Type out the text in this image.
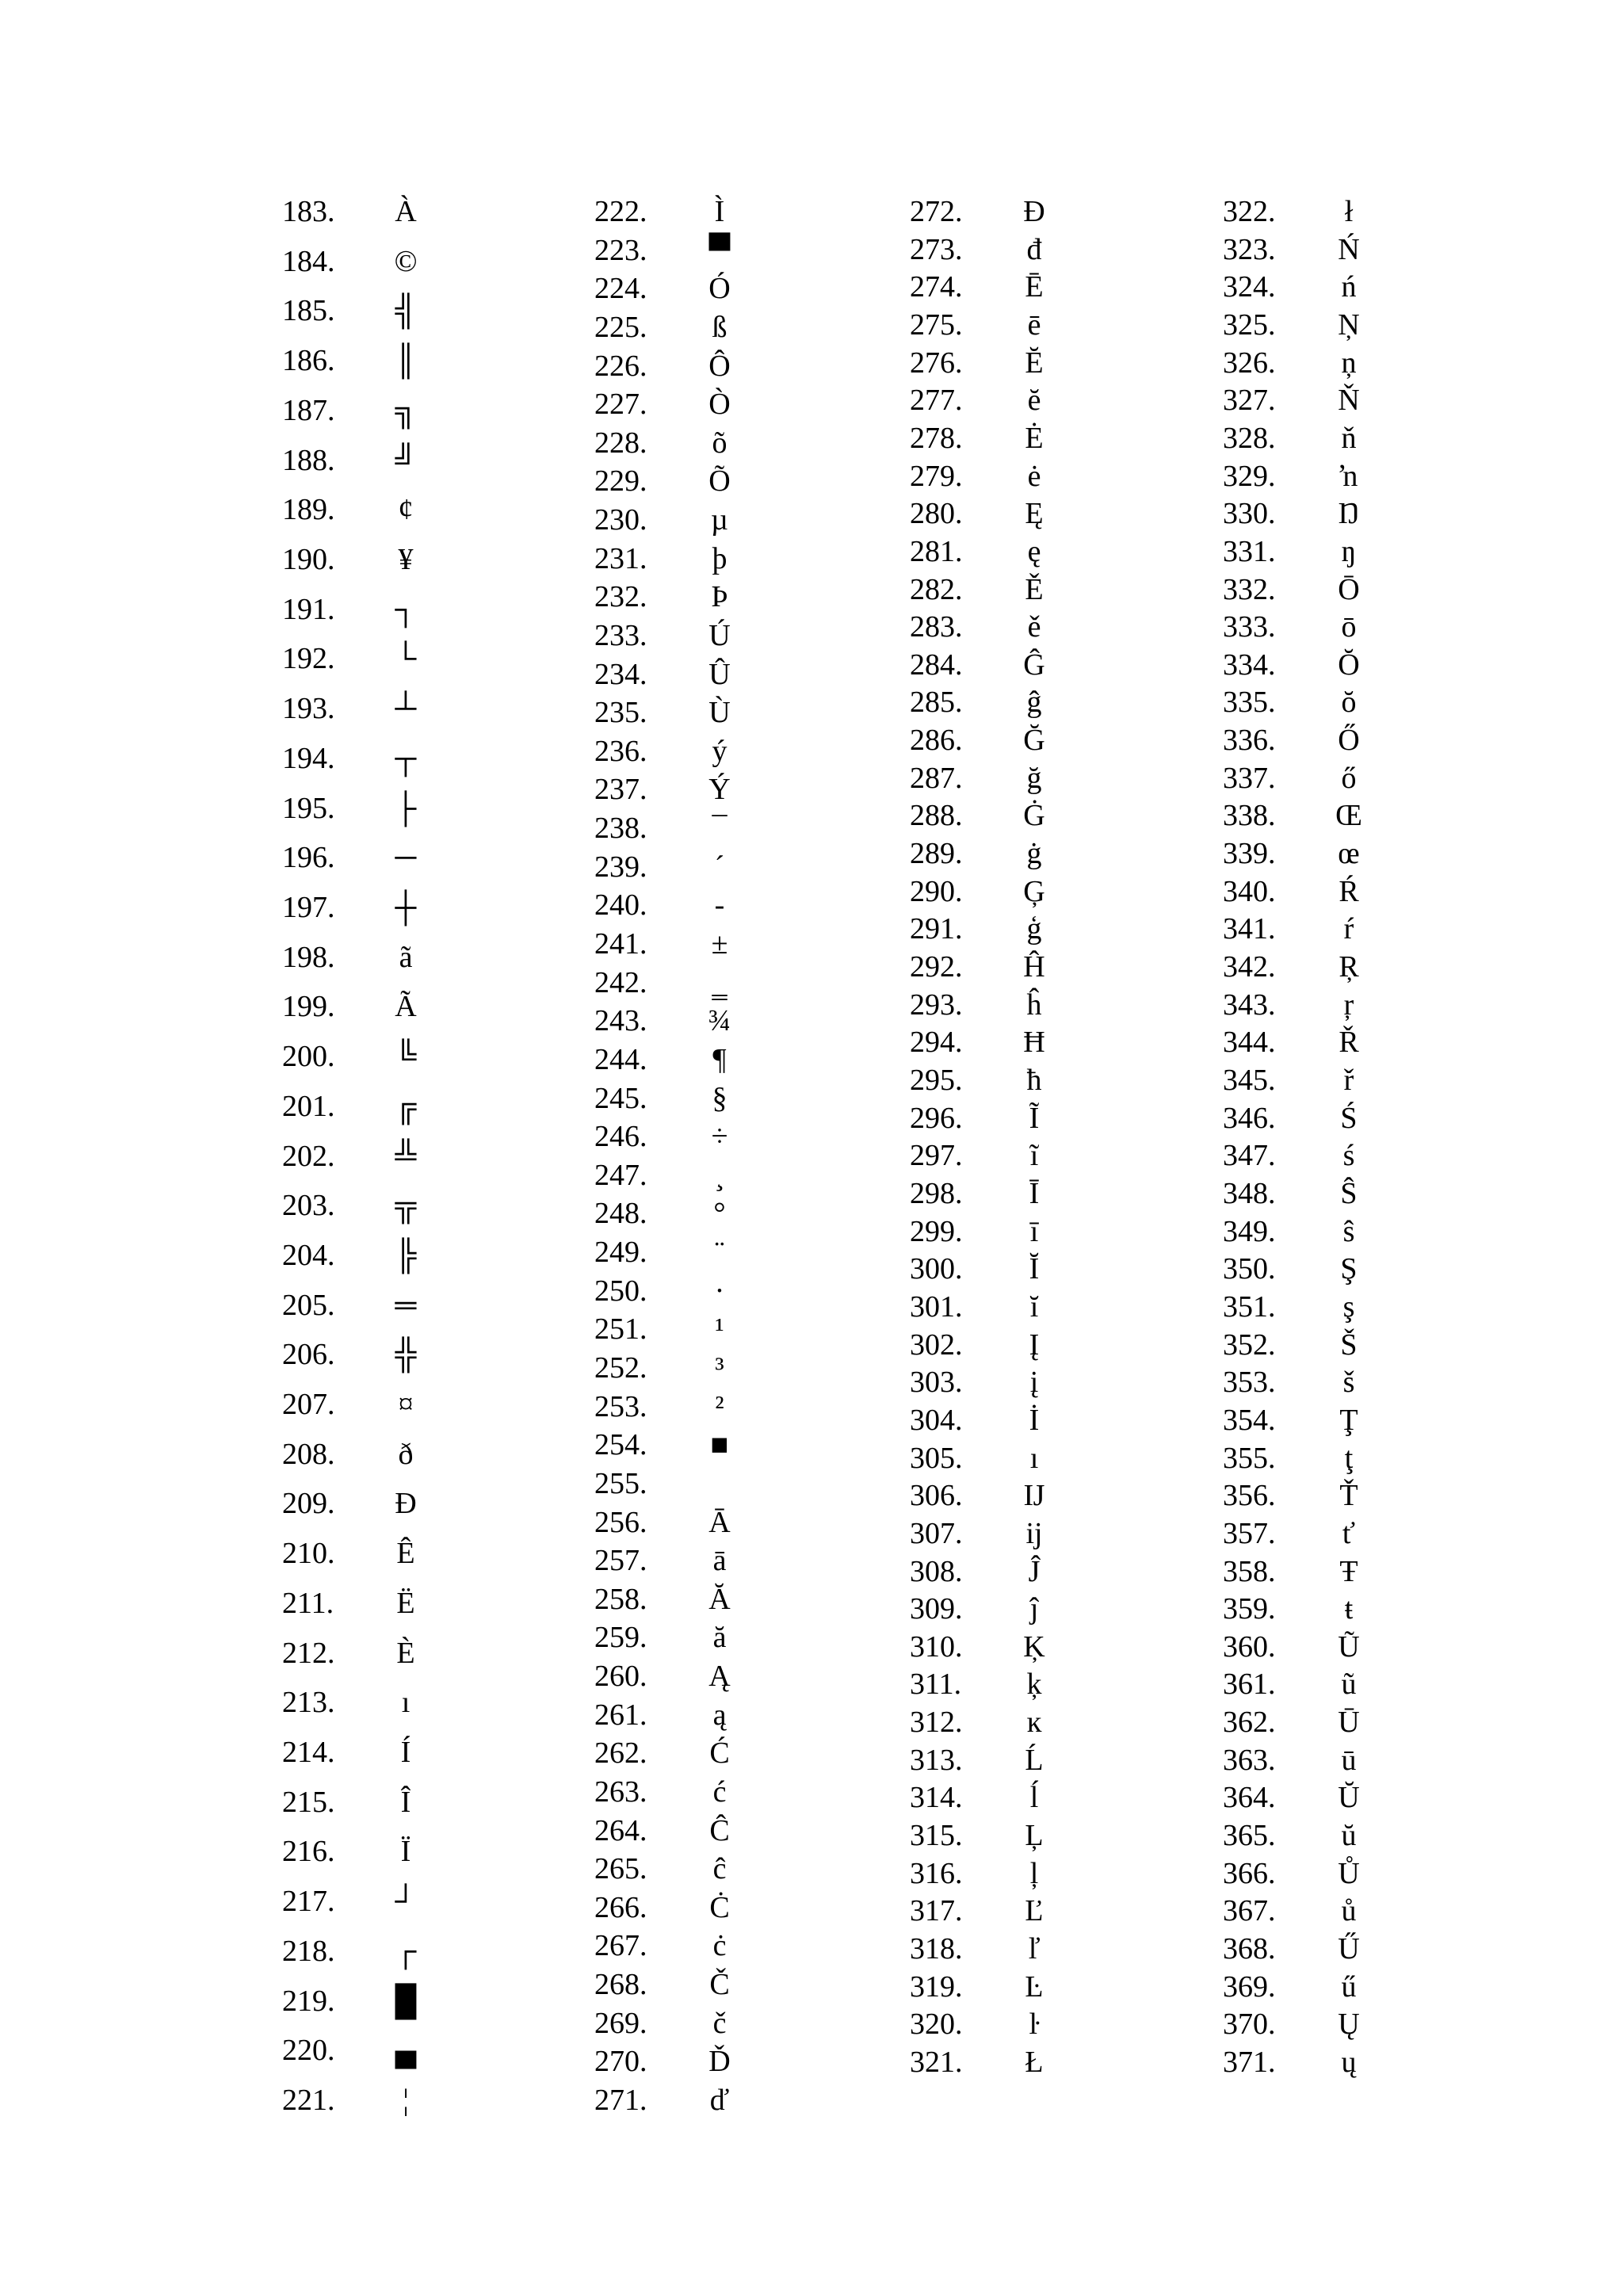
183.	À
184.	©
185.	╣
186.	║
187.	╗
188.	╝
189.	¢
190.	¥
191.	┐
192.	└
193.	┴
194.	┬
195.	├
196.	─
197.	┼
198.	ã
199.	Ã
200.	╚
201.	╔
202.	╩
203.	╦
204.	╠
205.	═
206.	╬
207.	¤
208.	ð
209.	Ð
210.	Ê
211.	Ë
212.	È
213.	ı
214.	Í
215.	Î
216.	Ï
217.	┘
218.	┌
219.	█
220.	▄
221.	¦
222.	Ì
223.	▀
224.	Ó
225.	ß
226.	Ô
227.	Ò
228.	õ
229.	Õ
230.	µ
231.	þ
232.	Þ
233.	Ú
234.	Û
235.	Ù
236.	ý
237.	Ý
238.	¯
239.	´
240.	-
241.	±
242.	‗
243.	¾
244.	¶
245.	§
246.	÷
247.	¸
248.	°
249.	¨
250.	·
251.	¹
252.	³
253.	²
254.	■
255.
256.	Ā
257.	ā
258.	Ă
259.	ă
260.	Ą
261.	ą
262.	Ć
263.	ć
264.	Ĉ
265.	ĉ
266.	Ċ
267.	ċ
268.	Č
269.	č
270.	Ď
271.	ď
272.	Đ
273.	đ
274.	Ē
275.	ē
276.	Ĕ
277.	ĕ
278.	Ė
279.	ė
280.	Ę
281.	ę
282.	Ě
283.	ě
284.	Ĝ
285.	ĝ
286.	Ğ
287.	ğ
288.	Ġ
289.	ġ
290.	Ģ
291.	ģ
292.	Ĥ
293.	ĥ
294.	Ħ
295.	ħ
296.	Ĩ
297.	ĩ
298.	Ī
299.	ī
300.	Ĭ
301.	ĭ
302.	Į
303.	į
304.	İ
305.	ı
306.	Ĳ
307.	ĳ
308.	Ĵ
309.	ĵ
310.	Ķ
311.	ķ
312.	ĸ
313.	Ĺ
314.	ĺ
315.	Ļ
316.	ļ
317.	Ľ
318.	ľ
319.	Ŀ
320.	ŀ
321.	Ł
322.	ł
323.	Ń
324.	ń
325.	Ņ
326.	ņ
327.	Ň
328.	ň
329.	ŉ
330.	Ŋ
331.	ŋ
332.	Ō
333.	ō
334.	Ŏ
335.	ŏ
336.	Ő
337.	ő
338.	Œ
339.	œ
340.	Ŕ
341.	ŕ
342.	Ŗ
343.	ŗ
344.	Ř
345.	ř
346.	Ś
347.	ś
348.	Ŝ
349.	ŝ
350.	Ş
351.	ş
352.	Š
353.	š
354.	Ţ
355.	ţ
356.	Ť
357.	ť
358.	Ŧ
359.	ŧ
360.	Ũ
361.	ũ
362.	Ū
363.	ū
364.	Ŭ
365.	ŭ
366.	Ů
367.	ů
368.	Ű
369.	ű
370.	Ų
371.	ų
